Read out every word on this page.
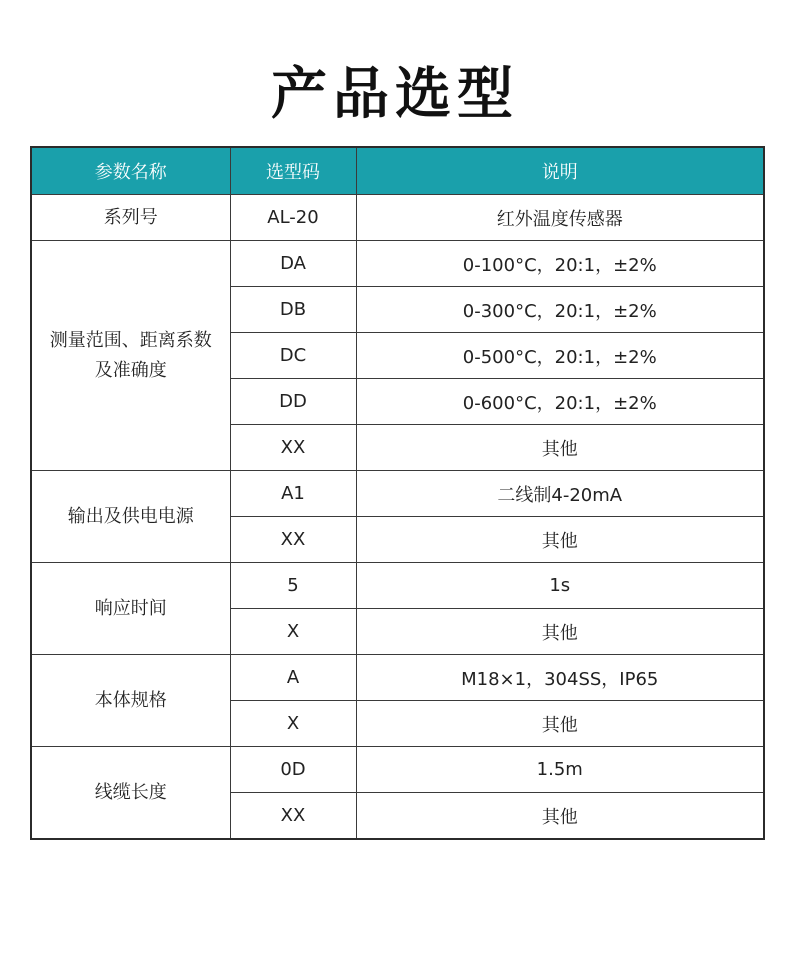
产品选型
参数名称	选型码	说明
系列号	AL-20	红外温度传感器
测量范围、距离系数及准确度	DA	0-100°C，20:1，±2%
	DB	0-300°C，20:1，±2%
	DC	0-500°C，20:1，±2%
	DD	0-600°C，20:1，±2%
	XX	其他
输出及供电电源	A1	二线制4-20mA
	XX	其他
响应时间	5	1s
	X	其他
本体规格	A	M18×1，304SS，IP65
	X	其他
线缆长度	0D	1.5m
	XX	其他
